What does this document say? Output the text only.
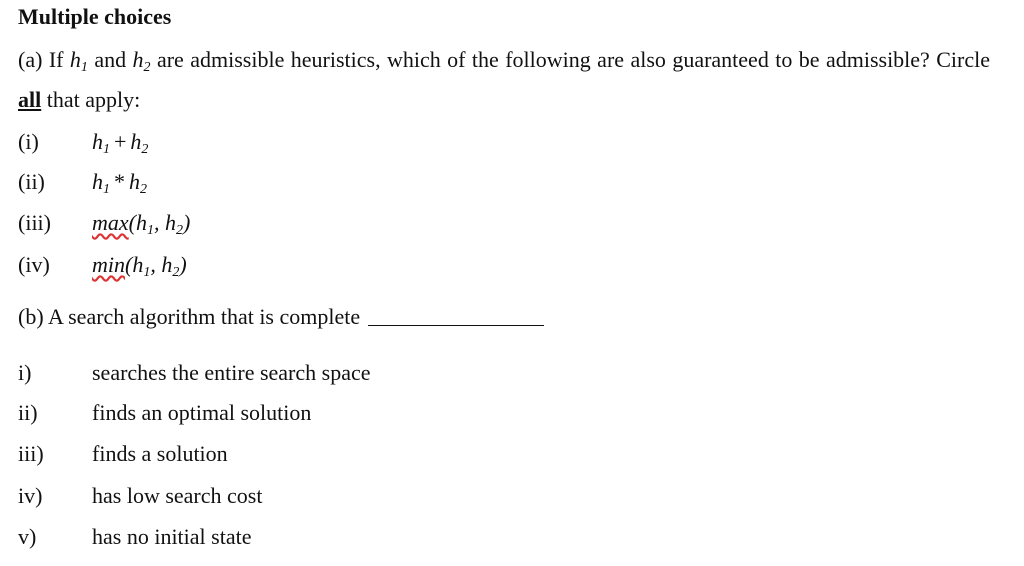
Multiple choices
(a) If $h_1$ and $h_2$ are admissible heuristics, which of the following are also guaranteed to be admissible? Circle all that apply:
(i) $h_1 + h_2$
(ii) $h_1 * h_2$
(iii) $\max(h_1$, $h_2$)
(iv) $\min(h_1$, $h_2$)
(b) A search algorithm that is complete
i)	searches the entire search space
ii) finds an optimal solution
iii) finds a solution
iv) has low search cost
v)	has no initial state
